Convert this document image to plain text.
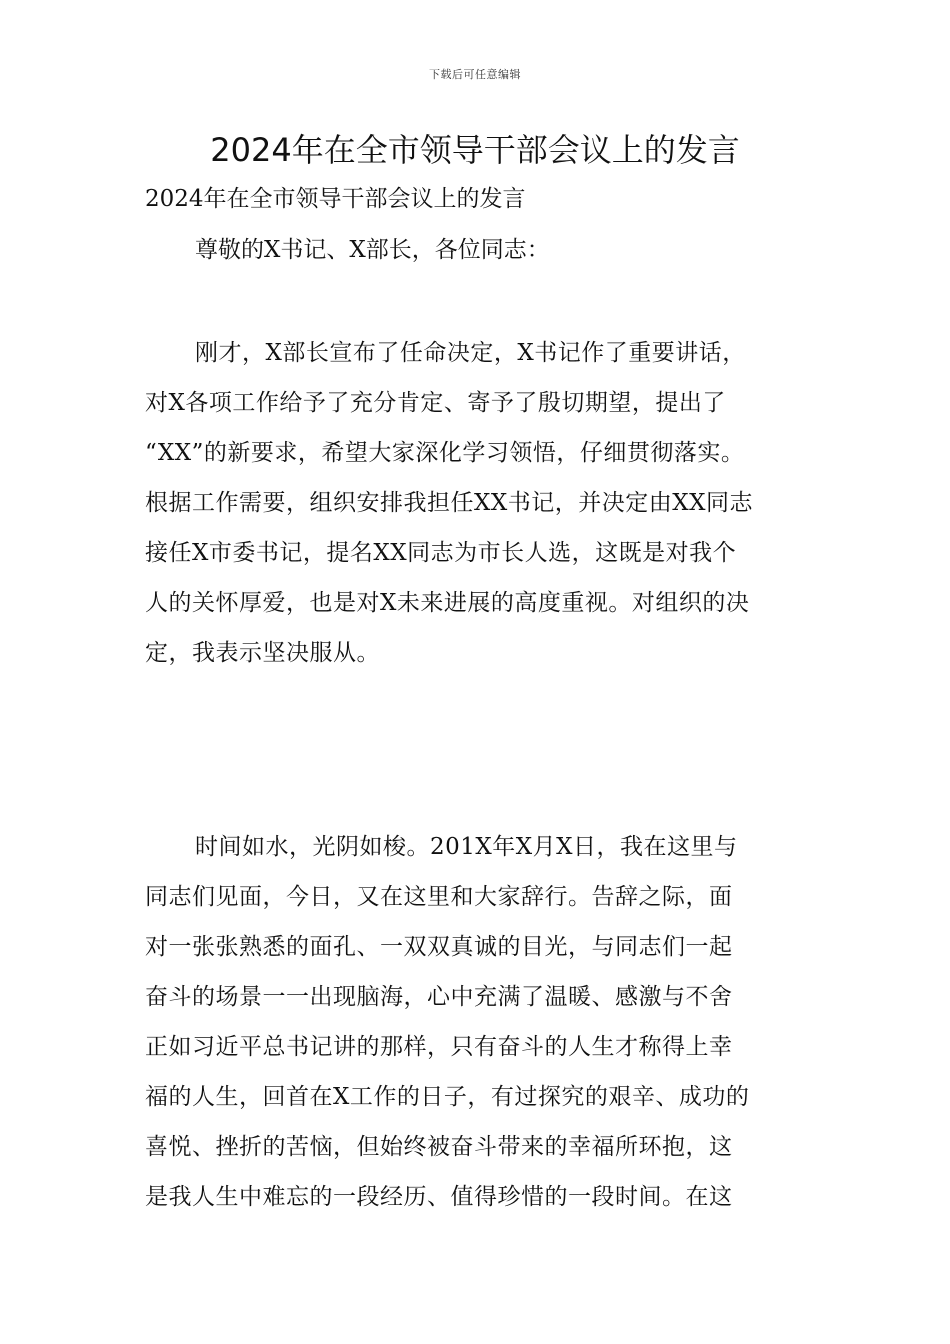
下载后可任意编辑
2024年在全市领导干部会议上的发言
2024年在全市领导干部会议上的发言
尊敬的X书记、X部长，各位同志：
刚才，X部长宣布了任命决定，X书记作了重要讲话，
对X各项工作给予了充分肯定、寄予了殷切期望，提出了
“XX”的新要求，希望大家深化学习领悟，仔细贯彻落实。
根据工作需要，组织安排我担任XX书记，并决定由XX同志
接任X市委书记，提名XX同志为市长人选，这既是对我个
人的关怀厚爱，也是对X未来进展的高度重视。对组织的决
定，我表示坚决服从。
时间如水，光阴如梭。201X年X月X日，我在这里与
同志们见面，今日，又在这里和大家辞行。告辞之际，面
对一张张熟悉的面孔、一双双真诚的目光，与同志们一起
奋斗的场景一一出现脑海，心中充满了温暖、感激与不舍
正如习近平总书记讲的那样，只有奋斗的人生才称得上幸
福的人生，回首在X工作的日子，有过探究的艰辛、成功的
喜悦、挫折的苦恼，但始终被奋斗带来的幸福所环抱，这
是我人生中难忘的一段经历、值得珍惜的一段时间。在这
